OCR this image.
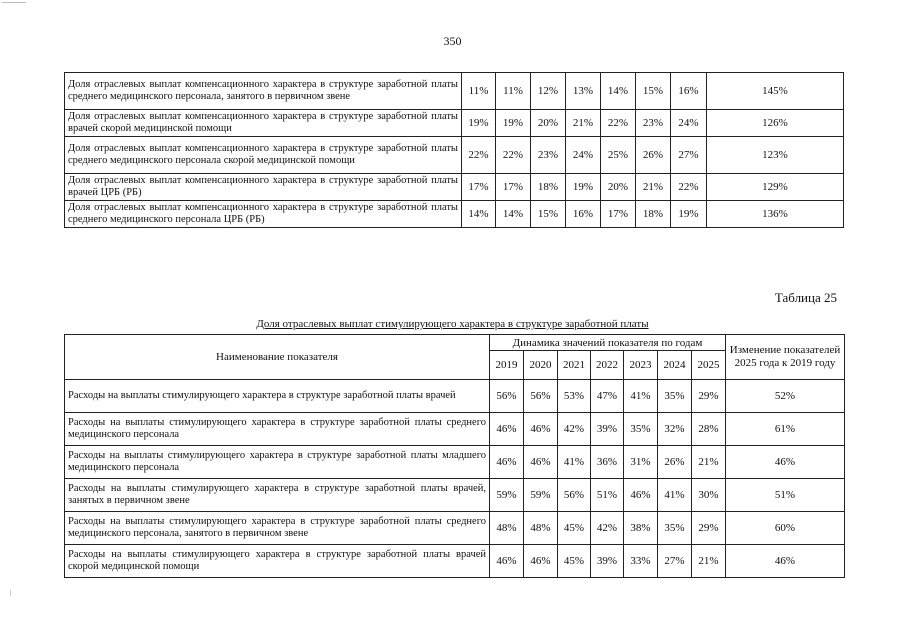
350
Доля отраслевых выплат компенсационного характера в структуре заработной платы среднего медицинского персонала, занятого в первичном звене	11%	11%	12%	13%	14%	15%	16%	145%
Доля отраслевых выплат компенсационного характера в структуре заработной платы врачей скорой медицинской помощи	19%	19%	20%	21%	22%	23%	24%	126%
Доля отраслевых выплат компенсационного характера в структуре заработной платы среднего медицинского персонала скорой медицинской помощи	22%	22%	23%	24%	25%	26%	27%	123%
Доля отраслевых выплат компенсационного характера в структуре заработной платы врачей ЦРБ (РБ)	17%	17%	18%	19%	20%	21%	22%	129%
Доля отраслевых выплат компенсационного характера в структуре заработной платы среднего медицинского персонала ЦРБ (РБ)	14%	14%	15%	16%	17%	18%	19%	136%
Таблица 25
Доля отраслевых выплат стимулирующего характера в структуре заработной платы
Наименование показателя	Динамика значений показателя по годам							Изменение показателей 2025 года к 2019 году
	2019	2020	2021	2022	2023	2024	2025	
Расходы на выплаты стимулирующего характера в структуре заработной платы врачей	56%	56%	53%	47%	41%	35%	29%	52%
Расходы на выплаты стимулирующего характера в структуре заработной платы среднего медицинского персонала	46%	46%	42%	39%	35%	32%	28%	61%
Расходы на выплаты стимулирующего характера в структуре заработной платы младшего медицинского персонала	46%	46%	41%	36%	31%	26%	21%	46%
Расходы на выплаты стимулирующего характера в структуре заработной платы врачей, занятых в первичном звене	59%	59%	56%	51%	46%	41%	30%	51%
Расходы на выплаты стимулирующего характера в структуре заработной платы среднего медицинского персонала, занятого в первичном звене	48%	48%	45%	42%	38%	35%	29%	60%
Расходы на выплаты стимулирующего характера в структуре заработной платы врачей скорой медицинской помощи	46%	46%	45%	39%	33%	27%	21%	46%
